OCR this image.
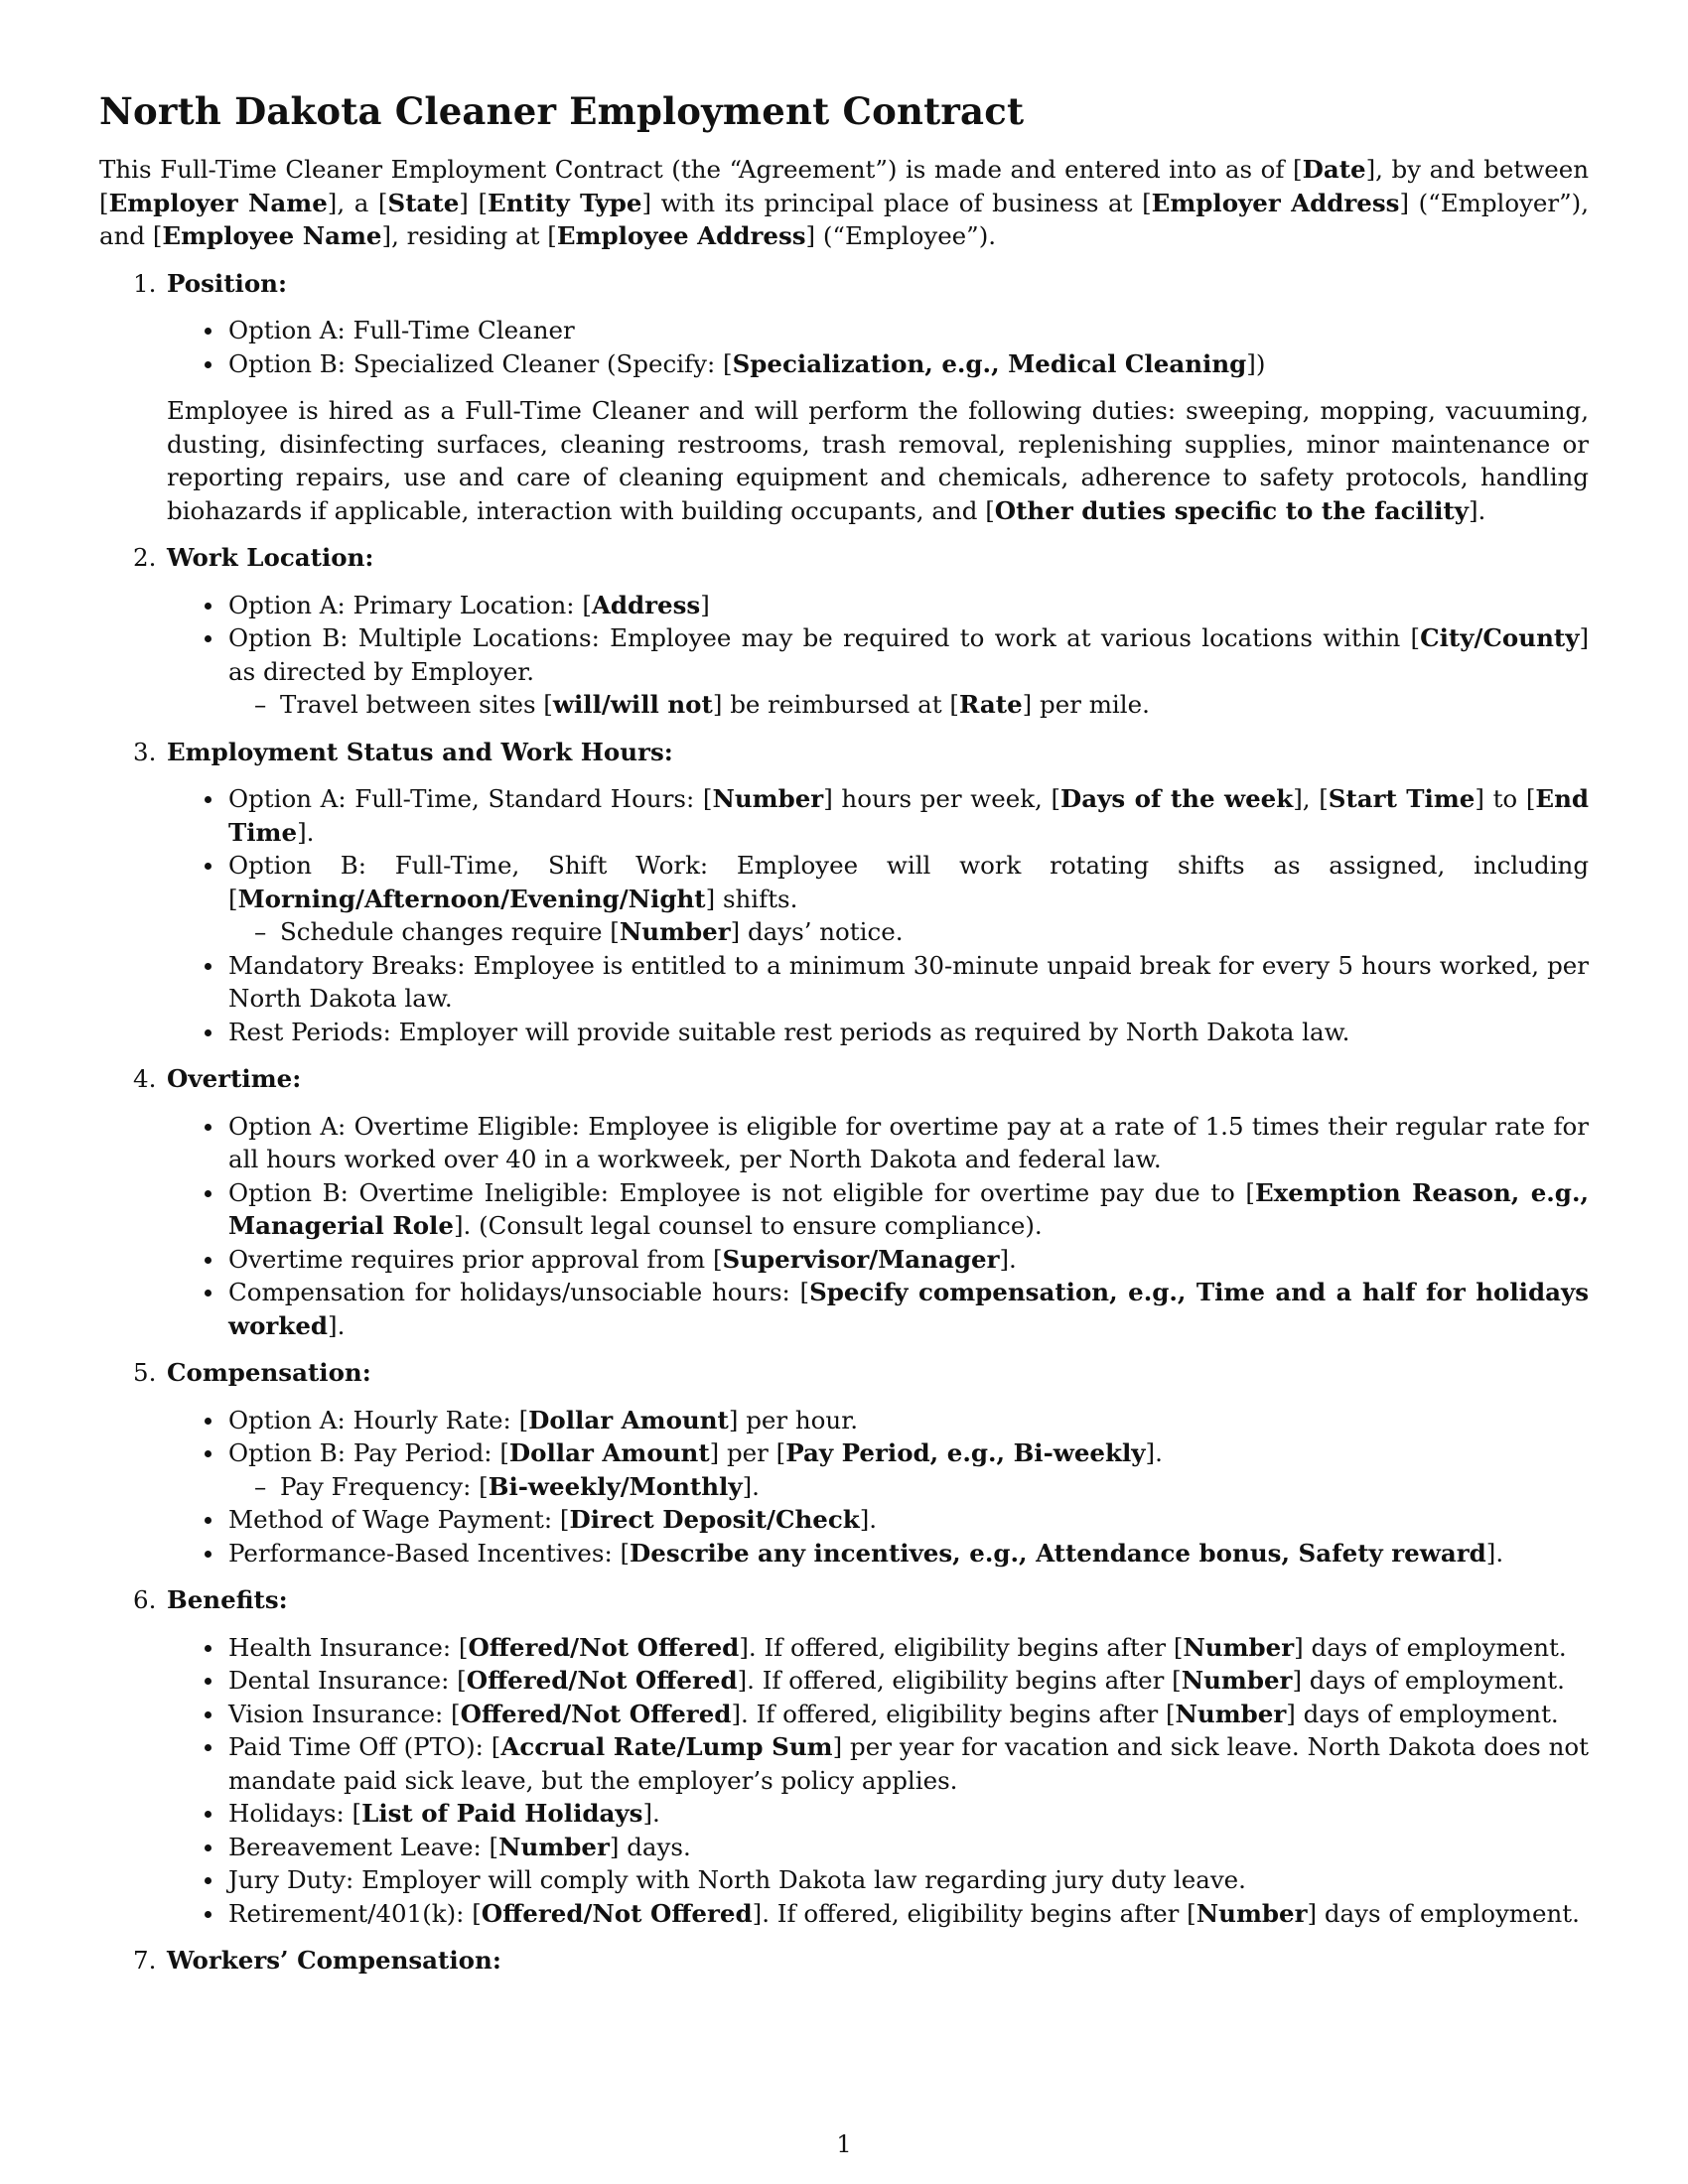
North Dakota Cleaner Employment Contract

This Full-Time Cleaner Employment Contract (the “Agreement”) is made and entered into as of [Date], by and between [Employer Name], a [State] [Entity Type] with its principal place of business at [Employer Address] (“Employer”), and [Employee Name], residing at [Employee Address] (“Employee”).

1. Position:
Option A: Full-Time Cleaner
Option B: Specialized Cleaner (Specify: [Specialization, e.g., Medical Cleaning])
Employee is hired as a Full-Time Cleaner and will perform the following duties: sweeping, mopping, vacuuming, dusting, disinfecting surfaces, cleaning restrooms, trash removal, replenishing supplies, minor maintenance or reporting repairs, use and care of cleaning equipment and chemicals, adherence to safety protocols, handling biohazards if applicable, interaction with building occupants, and [Other duties specific to the facility].
2. Work Location:
Option A: Primary Location: [Address]
Option B: Multiple Locations: Employee may be required to work at various locations within [City/County] as directed by Employer.
– Travel between sites [will/will not] be reimbursed at [Rate] per mile.
3. Employment Status and Work Hours:
Option A: Full-Time, Standard Hours: [Number] hours per week, [Days of the week], [Start Time] to [End Time].
Option B: Full-Time, Shift Work: Employee will work rotating shifts as assigned, including [Morning/Afternoon/Evening/Night] shifts.
– Schedule changes require [Number] days’ notice.
Mandatory Breaks: Employee is entitled to a minimum 30-minute unpaid break for every 5 hours worked, per North Dakota law.
Rest Periods: Employer will provide suitable rest periods as required by North Dakota law.
4. Overtime:
Option A: Overtime Eligible: Employee is eligible for overtime pay at a rate of 1.5 times their regular rate for all hours worked over 40 in a workweek, per North Dakota and federal law.
Option B: Overtime Ineligible: Employee is not eligible for overtime pay due to [Exemption Reason, e.g., Managerial Role]. (Consult legal counsel to ensure compliance).
Overtime requires prior approval from [Supervisor/Manager].
Compensation for holidays/unsociable hours: [Specify compensation, e.g., Time and a half for holidays worked].
5. Compensation:
Option A: Hourly Rate: [Dollar Amount] per hour.
Option B: Pay Period: [Dollar Amount] per [Pay Period, e.g., Bi-weekly].
– Pay Frequency: [Bi-weekly/Monthly].
Method of Wage Payment: [Direct Deposit/Check].
Performance-Based Incentives: [Describe any incentives, e.g., Attendance bonus, Safety reward].
6. Benefits:
Health Insurance: [Offered/Not Offered]. If offered, eligibility begins after [Number] days of employment.
Dental Insurance: [Offered/Not Offered]. If offered, eligibility begins after [Number] days of employment.
Vision Insurance: [Offered/Not Offered]. If offered, eligibility begins after [Number] days of employment.
Paid Time Off (PTO): [Accrual Rate/Lump Sum] per year for vacation and sick leave. North Dakota does not mandate paid sick leave, but the employer’s policy applies.
Holidays: [List of Paid Holidays].
Bereavement Leave: [Number] days.
Jury Duty: Employer will comply with North Dakota law regarding jury duty leave.
Retirement/401(k): [Offered/Not Offered]. If offered, eligibility begins after [Number] days of employment.
7. Workers’ Compensation:
1
